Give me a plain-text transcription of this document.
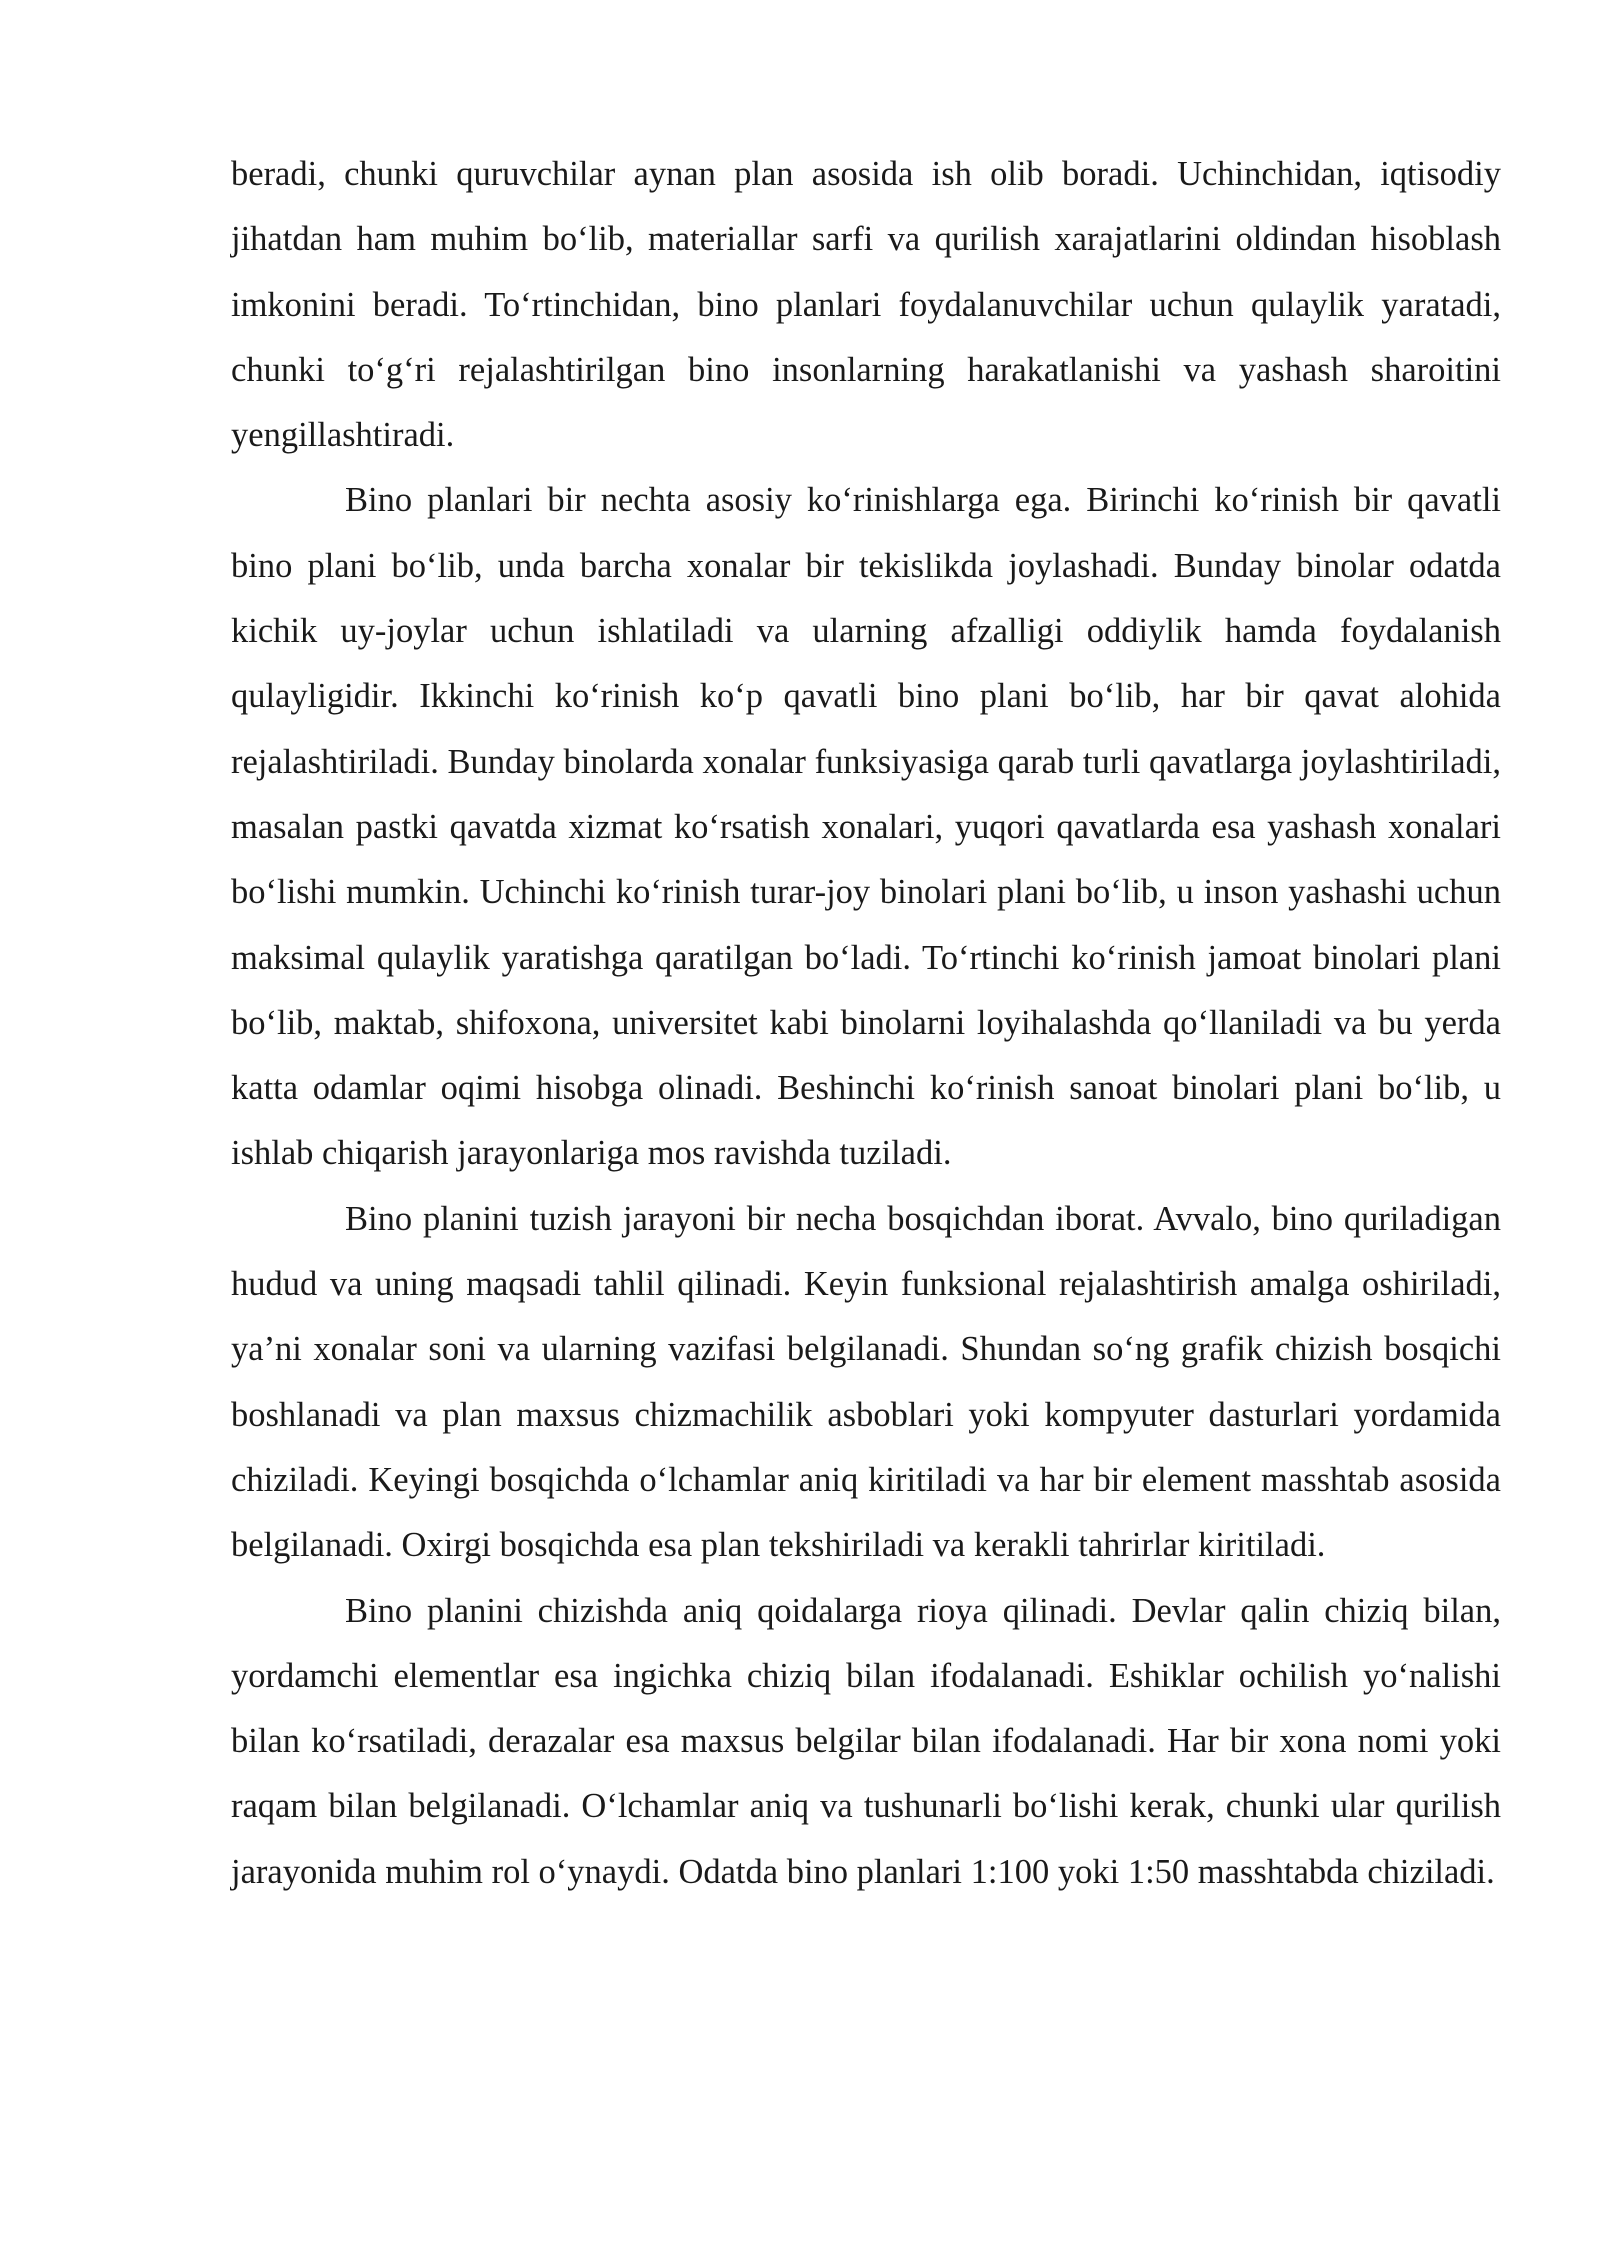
beradi, chunki quruvchilar aynan plan asosida ish olib boradi. Uchinchidan, iqtisodiy jihatdan ham muhim bo‘lib, materiallar sarfi va qurilish xarajatlarini oldindan hisoblash imkonini beradi. To‘rtinchidan, bino planlari foydalanuvchilar uchun qulaylik yaratadi, chunki to‘g‘ri rejalashtirilgan bino insonlarning harakatlanishi va yashash sharoitini yengillashtiradi.

Bino planlari bir nechta asosiy ko‘rinishlarga ega. Birinchi ko‘rinish bir qavatli bino plani bo‘lib, unda barcha xonalar bir tekislikda joylashadi. Bunday binolar odatda kichik uy-joylar uchun ishlatiladi va ularning afzalligi oddiylik hamda foydalanish qulayligidir. Ikkinchi ko‘rinish ko‘p qavatli bino plani bo‘lib, har bir qavat alohida rejalashtiriladi. Bunday binolarda xonalar funksiyasiga qarab turli qavatlarga joylashtiriladi, masalan pastki qavatda xizmat ko‘rsatish xonalari, yuqori qavatlarda esa yashash xonalari bo‘lishi mumkin. Uchinchi ko‘rinish turar-joy binolari plani bo‘lib, u inson yashashi uchun maksimal qulaylik yaratishga qaratilgan bo‘ladi. To‘rtinchi ko‘rinish jamoat binolari plani bo‘lib, maktab, shifoxona, universitet kabi binolarni loyihalashda qo‘llaniladi va bu yerda katta odamlar oqimi hisobga olinadi. Beshinchi ko‘rinish sanoat binolari plani bo‘lib, u ishlab chiqarish jarayonlariga mos ravishda tuziladi.

Bino planini tuzish jarayoni bir necha bosqichdan iborat. Avvalo, bino quriladigan hudud va uning maqsadi tahlil qilinadi. Keyin funksional rejalashtirish amalga oshiriladi, ya’ni xonalar soni va ularning vazifasi belgilanadi. Shundan so‘ng grafik chizish bosqichi boshlanadi va plan maxsus chizmachilik asboblari yoki kompyuter dasturlari yordamida chiziladi. Keyingi bosqichda o‘lchamlar aniq kiritiladi va har bir element masshtab asosida belgilanadi. Oxirgi bosqichda esa plan tekshiriladi va kerakli tahrirlar kiritiladi.

Bino planini chizishda aniq qoidalarga rioya qilinadi. Devlar qalin chiziq bilan, yordamchi elementlar esa ingichka chiziq bilan ifodalanadi. Eshiklar ochilish yo‘nalishi bilan ko‘rsatiladi, derazalar esa maxsus belgilar bilan ifodalanadi. Har bir xona nomi yoki raqam bilan belgilanadi. O‘lchamlar aniq va tushunarli bo‘lishi kerak, chunki ular qurilish jarayonida muhim rol o‘ynaydi. Odatda bino planlari 1:100 yoki 1:50 masshtabda chiziladi.
